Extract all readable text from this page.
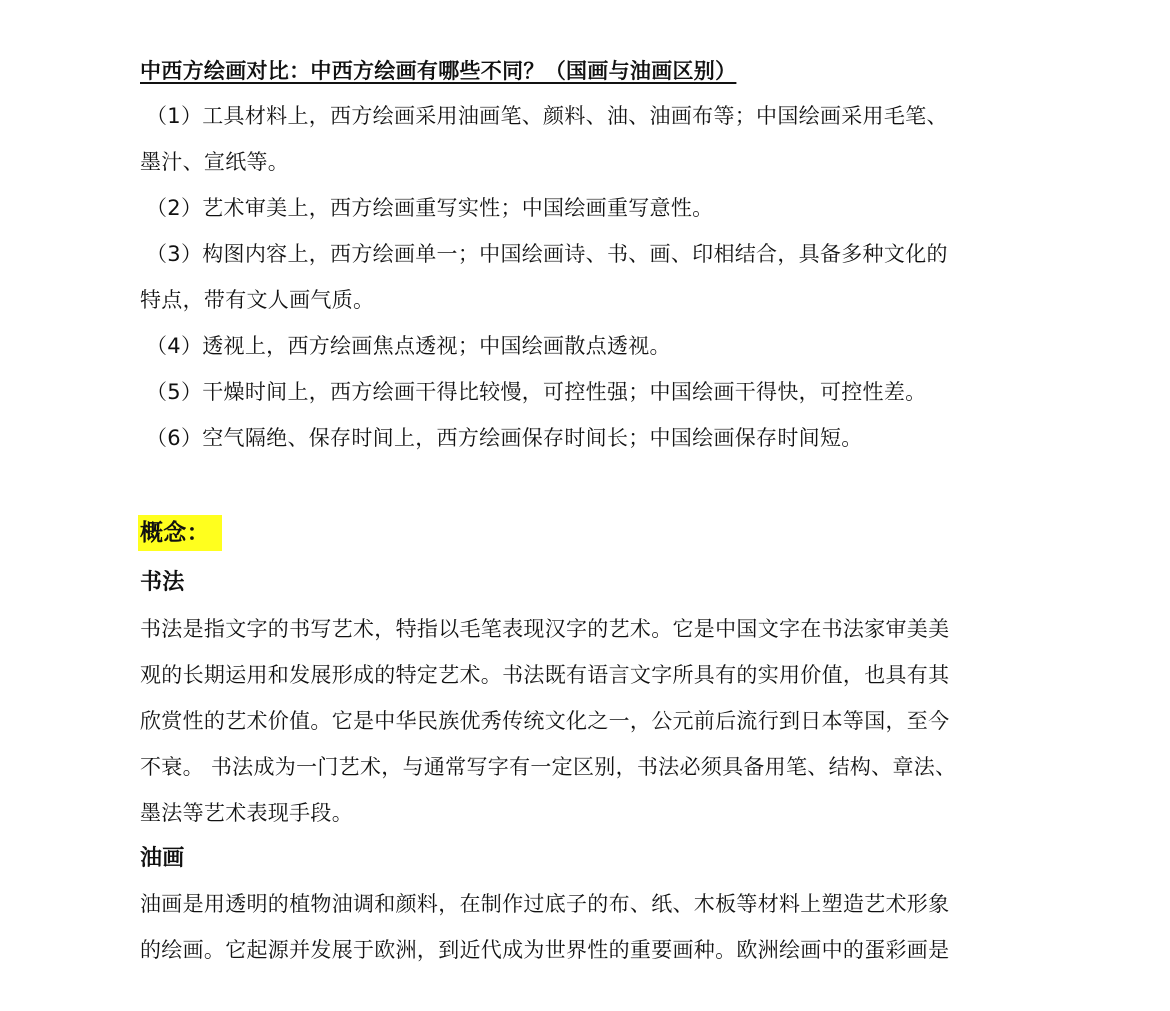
中西方绘画对比：中西方绘画有哪些不同？（国画与油画区别）
（1）工具材料上，西方绘画采用油画笔、颜料、油、油画布等；中国绘画采用毛笔、
墨汁、宣纸等。
（2）艺术审美上，西方绘画重写实性；中国绘画重写意性。
（3）构图内容上，西方绘画单一；中国绘画诗、书、画、印相结合，具备多种文化的
特点，带有文人画气质。
（4）透视上，西方绘画焦点透视；中国绘画散点透视。
（5）干燥时间上，西方绘画干得比较慢，可控性强；中国绘画干得快，可控性差。
（6）空气隔绝、保存时间上，西方绘画保存时间长；中国绘画保存时间短。
概念：
书法
书法是指文字的书写艺术，特指以毛笔表现汉字的艺术。它是中国文字在书法家审美美
观的长期运用和发展形成的特定艺术。书法既有语言文字所具有的实用价值，也具有其
欣赏性的艺术价值。它是中华民族优秀传统文化之一，公元前后流行到日本等国，至今
不衰。 书法成为一门艺术，与通常写字有一定区别，书法必须具备用笔、结构、章法、
墨法等艺术表现手段。
油画
油画是用透明的植物油调和颜料，在制作过底子的布、纸、木板等材料上塑造艺术形象
的绘画。它起源并发展于欧洲，到近代成为世界性的重要画种。欧洲绘画中的蛋彩画是
